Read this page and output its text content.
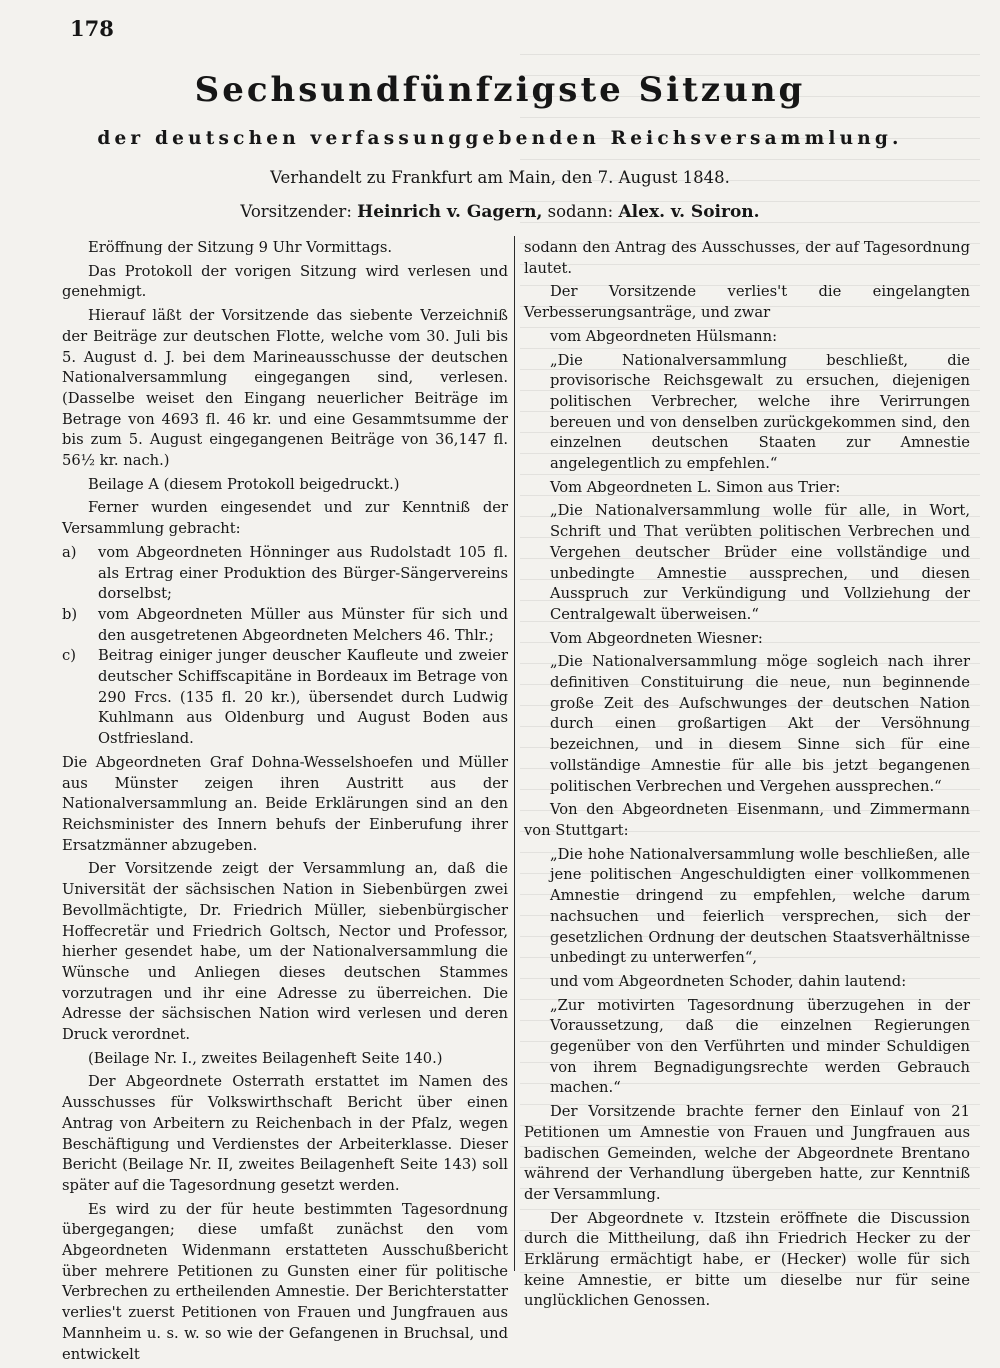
178
Sechsundfünfzigste Sitzung
der deutschen verfassunggebenden Reichsversammlung.
Verhandelt zu Frankfurt am Main, den 7. August 1848.
Vorsitzender: Heinrich v. Gagern, sodann: Alex. v. Soiron.

Eröffnung der Sitzung 9 Uhr Vormittags.

Das Protokoll der vorigen Sitzung wird verlesen und genehmigt.

Hierauf läßt der Vorsitzende das siebente Verzeichniß der Beiträge zur deutschen Flotte, welche vom 30. Juli bis 5. August d. J. bei dem Marineausschusse der deutschen Nationalversammlung eingegangen sind, verlesen. (Dasselbe weiset den Eingang neuerlicher Beiträge im Betrage von 4693 fl. 46 kr. und eine Gesammtsumme der bis zum 5. August eingegangenen Beiträge von 36,147 fl. 56½ kr. nach.)

Beilage A (diesem Protokoll beigedruckt.)

Ferner wurden eingesendet und zur Kenntniß der Versammlung gebracht:

a)	vom Abgeordneten Hönninger aus Rudolstadt 105 fl. als Ertrag einer Produktion des Bürger-Sängervereins dorselbst;
b)	vom Abgeordneten Müller aus Münster für sich und den ausgetretenen Abgeordneten Melchers 46. Thlr.;
c)	Beitrag einiger junger deuscher Kaufleute und zweier deutscher Schiffscapitäne in Bordeaux im Betrage von 290 Frcs. (135 fl. 20 kr.), übersendet durch Ludwig Kuhlmann aus Oldenburg und August Boden aus Ostfriesland.

Die Abgeordneten Graf Dohna-Wesselshoefen und Müller aus Münster zeigen ihren Austritt aus der Nationalversammlung an. Beide Erklärungen sind an den Reichsminister des Innern behufs der Einberufung ihrer Ersatzmänner abzugeben.

Der Vorsitzende zeigt der Versammlung an, daß die Universität der sächsischen Nation in Siebenbürgen zwei Bevollmächtigte, Dr. Friedrich Müller, siebenbürgischer Hoffecretär und Friedrich Goltsch, Nector und Professor, hierher gesendet habe, um der Nationalversammlung die Wünsche und Anliegen dieses deutschen Stammes vorzutragen und ihr eine Adresse zu überreichen. Die Adresse der sächsischen Nation wird verlesen und deren Druck verordnet.

(Beilage Nr. I., zweites Beilagenheft Seite 140.)

Der Abgeordnete Osterrath erstattet im Namen des Ausschusses für Volkswirthschaft Bericht über einen Antrag von Arbeitern zu Reichenbach in der Pfalz, wegen Beschäftigung und Verdienstes der Arbeiterklasse. Dieser Bericht (Beilage Nr. II, zweites Beilagenheft Seite 143) soll später auf die Tagesordnung gesetzt werden.

Es wird zu der für heute bestimmten Tagesordnung übergegangen; diese umfaßt zunächst den vom Abgeordneten Widenmann erstatteten Ausschußbericht über mehrere Petitionen zu Gunsten einer für politische Verbrechen zu ertheilenden Amnestie. Der Berichterstatter verlies't zuerst Petitionen von Frauen und Jungfrauen aus Mannheim u. s. w. so wie der Gefangenen in Bruchsal, und entwickelt

sodann den Antrag des Ausschusses, der auf Tagesordnung lautet.

Der Vorsitzende verlies't die eingelangten Verbesserungsanträge, und zwar

vom Abgeordneten Hülsmann:

„Die Nationalversammlung beschließt, die provisorische Reichsgewalt zu ersuchen, diejenigen politischen Verbrecher, welche ihre Verirrungen bereuen und von denselben zurückgekommen sind, den einzelnen deutschen Staaten zur Amnestie angelegentlich zu empfehlen.“

Vom Abgeordneten L. Simon aus Trier:

„Die Nationalversammlung wolle für alle, in Wort, Schrift und That verübten politischen Verbrechen und Vergehen deutscher Brüder eine vollständige und unbedingte Amnestie aussprechen, und diesen Ausspruch zur Verkündigung und Vollziehung der Centralgewalt überweisen.“

Vom Abgeordneten Wiesner:

„Die Nationalversammlung möge sogleich nach ihrer definitiven Constituirung die neue, nun beginnende große Zeit des Aufschwunges der deutschen Nation durch einen großartigen Akt der Versöhnung bezeichnen, und in diesem Sinne sich für eine vollständige Amnestie für alle bis jetzt begangenen politischen Verbrechen und Vergehen aussprechen.“

Von den Abgeordneten Eisenmann, und Zimmermann von Stuttgart:

„Die hohe Nationalversammlung wolle beschließen, alle jene politischen Angeschuldigten einer vollkommenen Amnestie dringend zu empfehlen, welche darum nachsuchen und feierlich versprechen, sich der gesetzlichen Ordnung der deutschen Staatsverhältnisse unbedingt zu unterwerfen“,

und vom Abgeordneten Schoder, dahin lautend:

„Zur motivirten Tagesordnung überzugehen in der Voraussetzung, daß die einzelnen Regierungen gegenüber von den Verführten und minder Schuldigen von ihrem Begnadigungsrechte werden Gebrauch machen.“

Der Vorsitzende brachte ferner den Einlauf von 21 Petitionen um Amnestie von Frauen und Jungfrauen aus badischen Gemeinden, welche der Abgeordnete Brentano während der Verhandlung übergeben hatte, zur Kenntniß der Versammlung.

Der Abgeordnete v. Itzstein eröffnete die Discussion durch die Mittheilung, daß ihn Friedrich Hecker zu der Erklärung ermächtigt habe, er (Hecker) wolle für sich keine Amnestie, er bitte um dieselbe nur für seine unglücklichen Genossen.
